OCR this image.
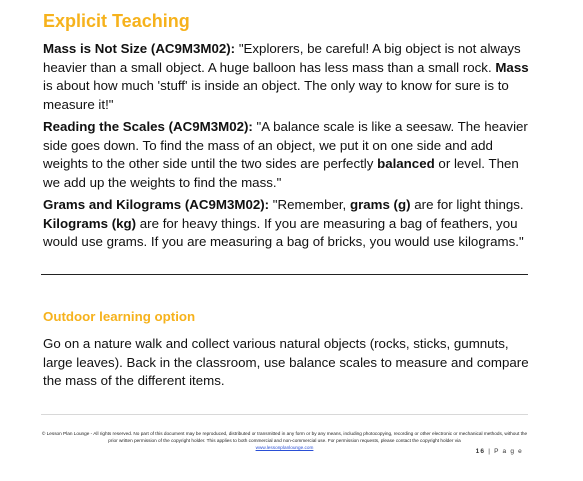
Explicit Teaching

Mass is Not Size (AC9M3M02): "Explorers, be careful! A big object is not always heavier than a small object. A huge balloon has less mass than a small rock. Mass is about how much 'stuff' is inside an object. The only way to know for sure is to measure it!"

Reading the Scales (AC9M3M02): "A balance scale is like a seesaw. The heavier side goes down. To find the mass of an object, we put it on one side and add weights to the other side until the two sides are perfectly balanced or level. Then we add up the weights to find the mass."

Grams and Kilograms (AC9M3M02): "Remember, grams (g) are for light things. Kilograms (kg) are for heavy things. If you are measuring a bag of feathers, you would use grams. If you are measuring a bag of bricks, you would use kilograms."

Outdoor learning option

Go on a nature walk and collect various natural objects (rocks, sticks, gumnuts, large leaves). Back in the classroom, use balance scales to measure and compare the mass of the different items.

© Lesson Plan Lounge - All rights reserved. No part of this document may be reproduced, distributed or transmitted in any form or by any means, including photocopying, recording or other electronic or mechanical methods, without the prior written permission of the copyright holder. This applies to both commercial and non-commercial use. For permission requests, please contact the copyright holder via
www.lessonplanlounge.com

16 | P a g e
